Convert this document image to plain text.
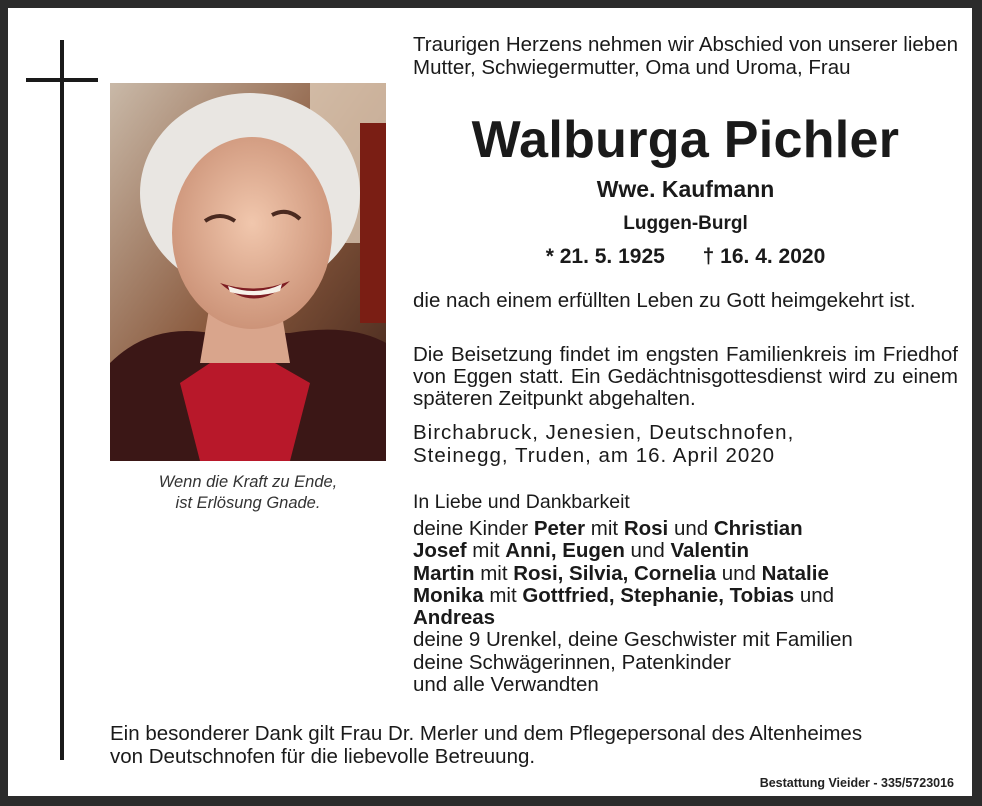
Wenn die Kraft zu Ende,
ist Erlösung Gnade.
Traurigen Herzens nehmen wir Abschied von unserer lieben Mutter, Schwiegermutter, Oma und Uroma, Frau
Walburga Pichler
Wwe. Kaufmann
Luggen-Burgl
* 21. 5. 1925 † 16. 4. 2020
die nach einem erfüllten Leben zu Gott heimgekehrt ist.
Die Beisetzung findet im engsten Familienkreis im Friedhof von Eggen statt. Ein Gedächtnisgottesdienst wird zu einem späteren Zeitpunkt abgehalten.
Birchabruck, Jenesien, Deutschnofen,
Steinegg, Truden, am 16. April 2020
In Liebe und Dankbarkeit
deine Kinder Peter mit Rosi und Christian
Josef mit Anni, Eugen und Valentin
Martin mit Rosi, Silvia, Cornelia und Natalie
Monika mit Gottfried, Stephanie, Tobias und
Andreas
deine 9 Urenkel, deine Geschwister mit Familien
deine Schwägerinnen, Patenkinder
und alle Verwandten
Ein besonderer Dank gilt Frau Dr. Merler und dem Pflegepersonal des Altenheimes
von Deutschnofen für die liebevolle Betreuung.
Bestattung Vieider - 335/5723016
